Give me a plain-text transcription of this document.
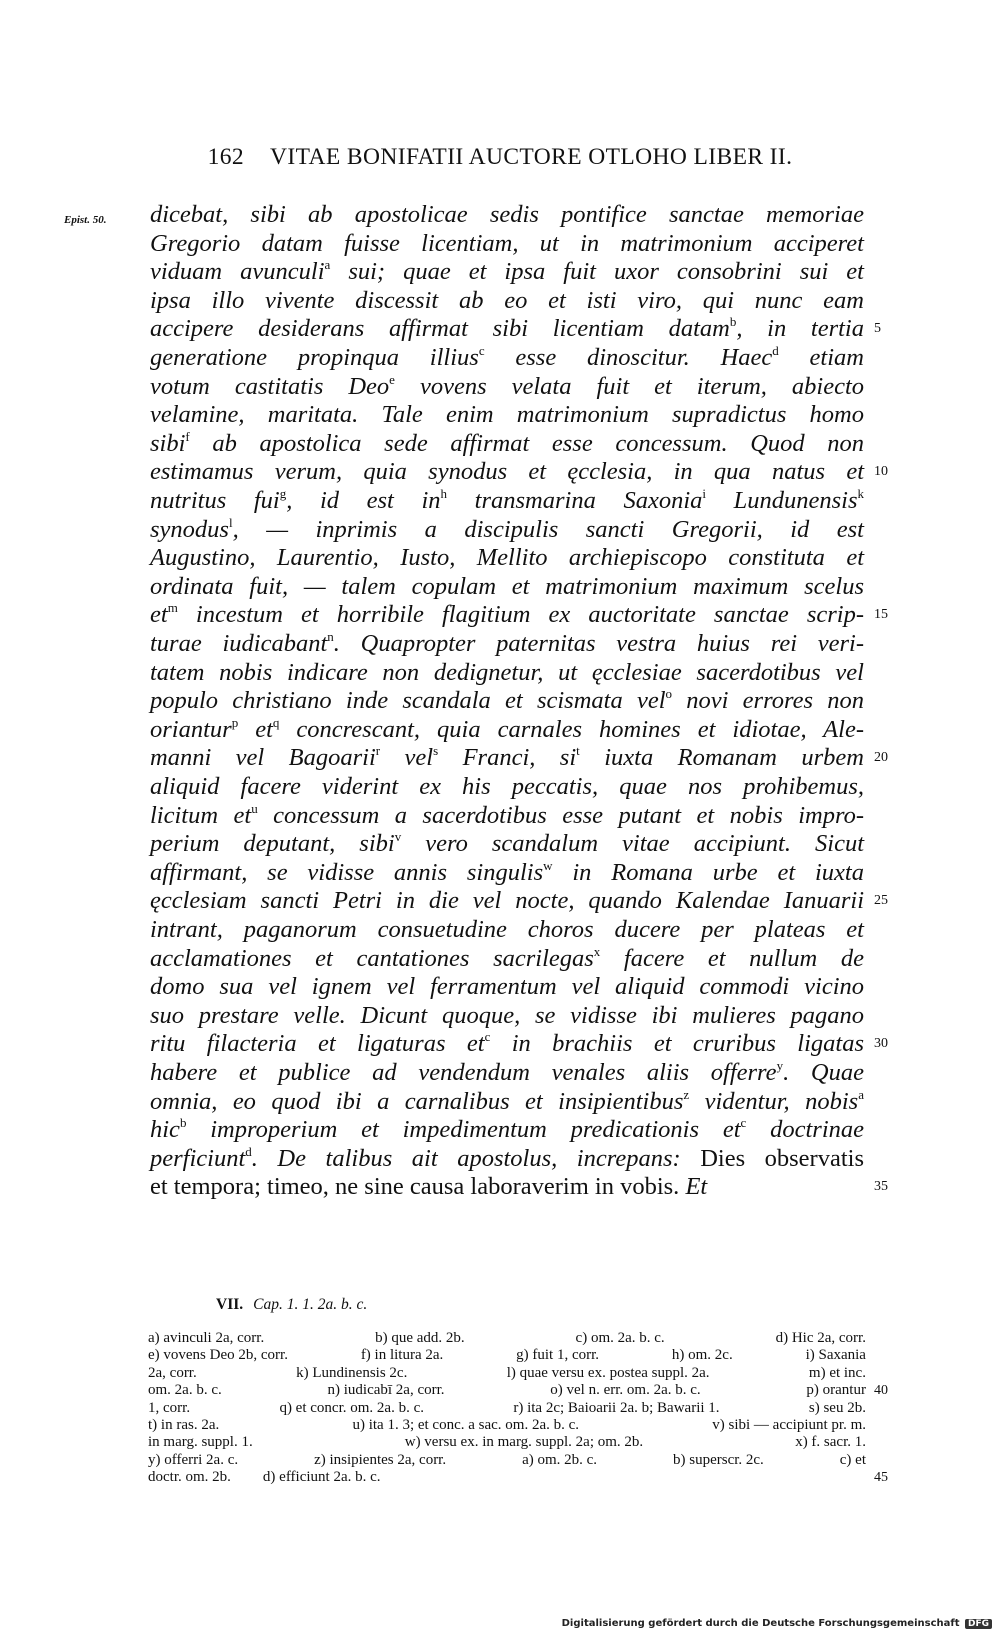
162 VITAE BONIFATII AUCTORE OTLOHO LIBER II.
Epist. 50. dicebat, sibi ab apostolicae sedis pontifice sanctae memoriae
Gregorio datam fuisse licentiam, ut in matrimonium acciperet
viduam avunculi$^a$ sui; quae et ipsa fuit uxor consobrini sui et
ipsa illo vivente discessit ab eo et isti viro, qui nunc eam
accipere desiderans affirmat sibi licentiam datam$^b$, in tertia
generatione propinqua illius$^c$ esse dinoscitur. Haec$^d$ etiam
votum castitatis Deo$^e$ vovens velata fuit et iterum, abiecto
velamine, maritata. Tale enim matrimonium supradictus homo
sibi$^f$ ab apostolica sede affirmat esse concessum. Quod non
estimamus verum, quia synodus et ęcclesia, in qua natus et
nutritus fui$^g$, id est $in^h$ transmarina Saxonia$^i$ Lundunensis$^k$
synodus$^l$, — inprimis a discipulis sancti Gregorii, id est
Augustino, Laurentio, Iusto, Mellito archiepiscopo constituta et
ordinata fuit, — talem copulam et matrimonium maximum scelus
$et^m$ incestum et horribile flagitium ex auctoritate sanctae scrip-
turae iudicabant$^n$. Quapropter paternitas vestra huius rei veri-
tatem nobis indicare non dedignetur, ut ęcclesiae sacerdotibus vel
populo christiano inde scandala et scismata vel$^o$ novi errores non
oriantur$^p$ $et^q$ concrescant, quia carnales homines et idiotae, Ale-
manni vel Bagoarii$^r$ vel$^s$ Franci, $si^t$ iuxta Romanam urbem
aliquid facere viderint ex his peccatis, quae nos prohibemus,
licitum $et^u$ concessum a sacerdotibus esse putant et nobis impro-
perium deputant, sibi$^v$ vero scandalum vitae accipiunt. Sicut
affirmant, se vidisse annis singulis$^w$ in Romana urbe et iuxta
ęcclesiam sancti Petri in die vel nocte, quando Kalendae Ianuarii
intrant, paganorum consuetudine choros ducere per plateas et
acclamationes et cantationes sacrilegas$^x$ facere et nullum de
domo sua vel ignem vel ferramentum vel aliquid commodi vicino
suo prestare velle. Dicunt quoque, se vidisse ibi mulieres pagano
ritu filacteria et ligaturas $et^c$ in brachiis et cruribus ligatas
habere et publice ad vendendum venales aliis offerre$^y$. Quae
omnia, eo quod ibi a carnalibus et insipientibus$^z$ videntur, nobis$^a$
hic$^b$ improperium et impedimentum predicationis $et^c$ doctrinae
perficiunt$^d$. De talibus ait apostolus, increpans: Dies observatis
et tempora; timeo, ne sine causa laboraverim in vobis. Et
VII. Cap. 1. 1. 2a. b. c.
a) avinculi 2a, corr.	b) que add. 2b.	c) om. 2a. b. c.	d) Hic 2a, corr.
e) vovens Deo 2b, corr.	f) in litura 2a.	g) fuit 1, corr.	h) om. 2c.	i) Saxania
2a, corr.	k) Lundinensis 2c.	l) quae versu ex. postea suppl. 2a.	m) et inc.
om. 2a. b. c.	n) iudicabī 2a, corr.	o) vel n. err. om. 2a. b. c.	p) orantur
1, corr.	q) et concr. om. 2a. b. c.	r) ita 2c; Baioarii 2a. b; Bawarii 1.	s) seu 2b.
t) in ras. 2a.	u) ita 1. 3; et conc. a sac. om. 2a. b. c.	v) sibi — accipiunt pr. m.
in marg. suppl. 1.	w) versu ex. in marg. suppl. 2a; om. 2b.	x) f. sacr. 1.
y) offerri 2a. c.	z) insipientes 2a, corr.	a) om. 2b. c.	b) superscr. 2c.	c) et
doctr. om. 2b. d) efficiunt 2a. b. c.
Digitalisierung gefördert durch die Deutsche Forschungsgemeinschaft DFG
5
10
15
20
25
30
35
40
45
